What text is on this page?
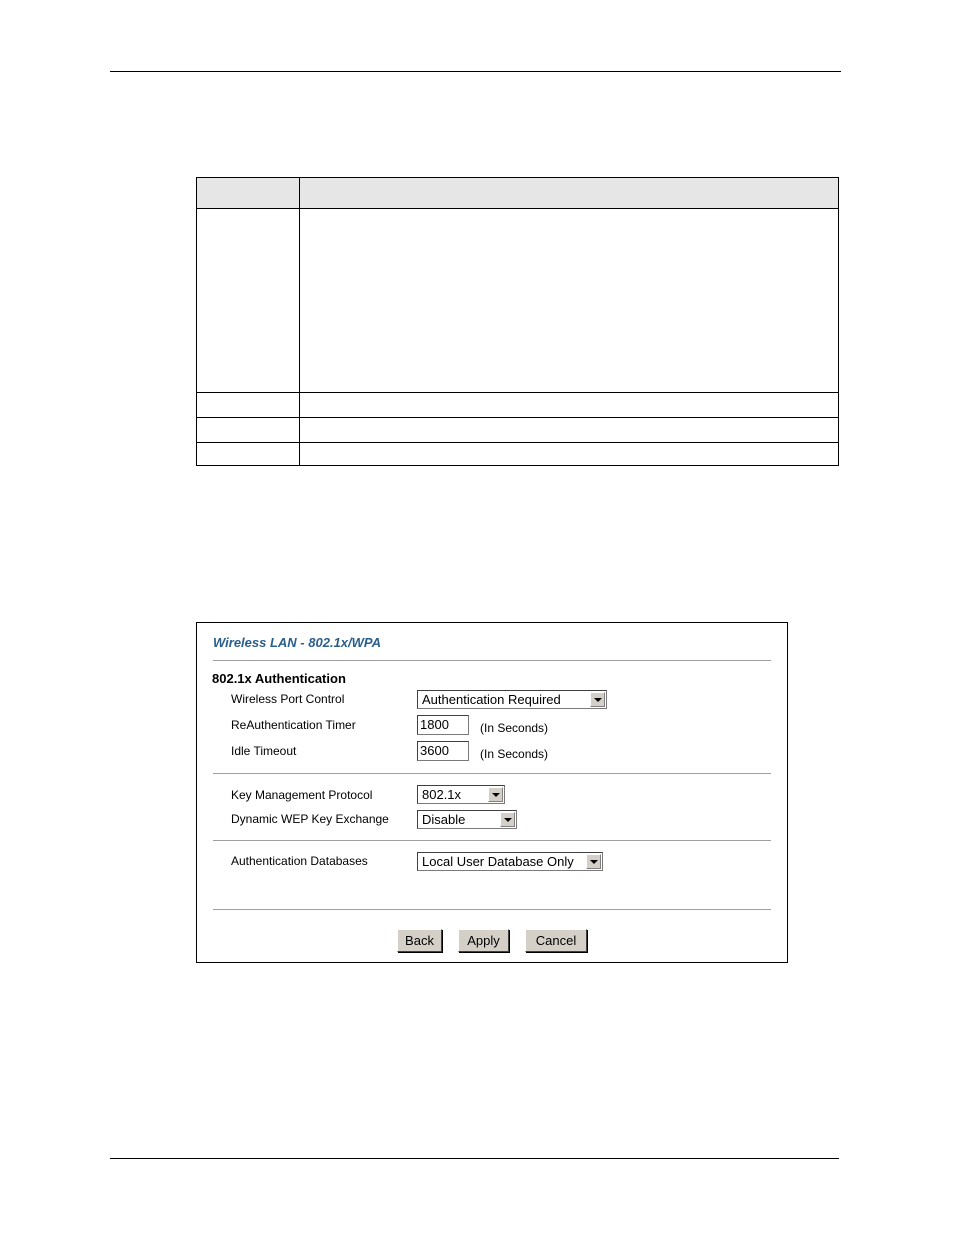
Wireless LAN - 802.1x/WPA
802.1x Authentication
Wireless Port Control	Authentication Required
ReAuthentication Timer	1800	(In Seconds)
Idle Timeout	3600	(In Seconds)
Key Management Protocol	802.1x
Dynamic WEP Key Exchange	Disable
Authentication Databases	Local User Database Only
Back	Apply	Cancel
